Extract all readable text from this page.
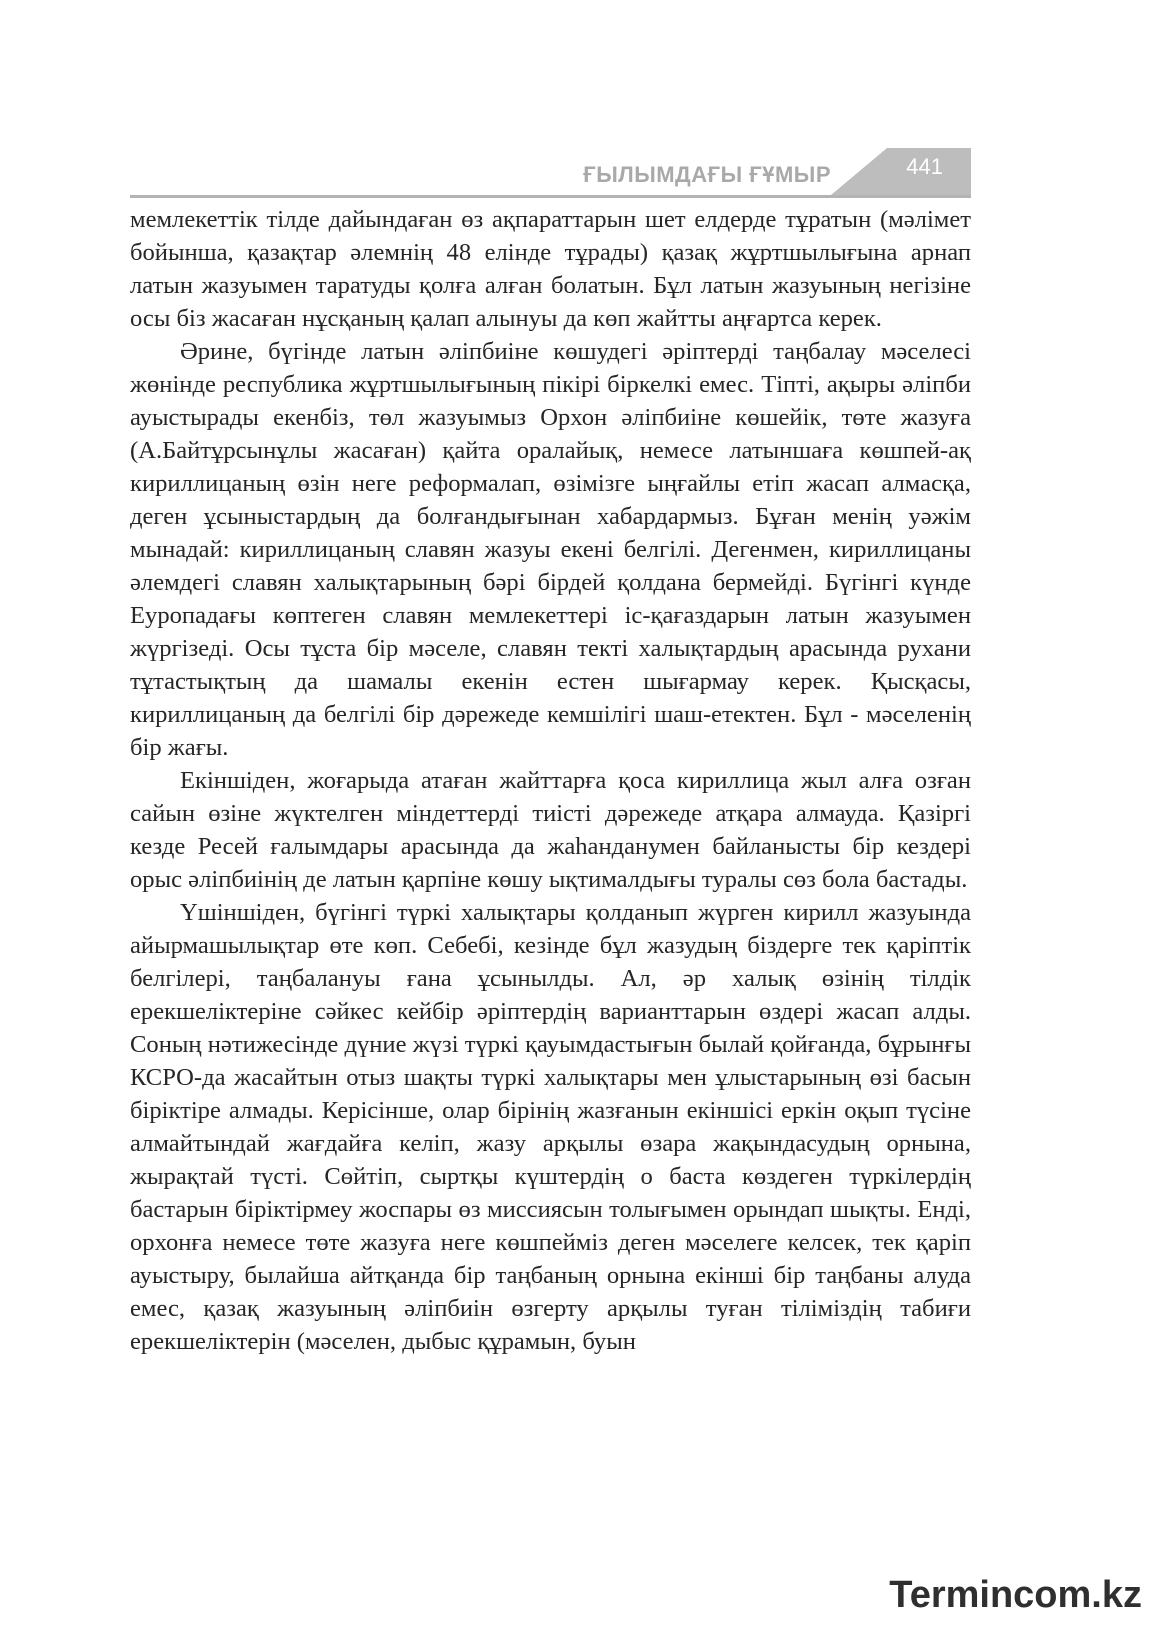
ҒЫЛЫМДАҒЫ ҒҰМЫР	441

мемлекеттік тілде дайындаған өз ақпараттарын шет елдерде тұратын (мәлімет бойынша, қазақтар әлемнің 48 елінде тұрады) қазақ жұртшылығына арнап латын жазуымен таратуды қолға алған болатын. Бұл латын жазуының негізіне осы біз жасаған нұсқаның қалап алынуы да көп жайтты аңғартса керек.

Әрине, бүгінде латын әліпбиіне көшудегі әріптерді таңбалау мәселесі жөнінде республика жұртшылығының пікірі біркелкі емес. Тіпті, ақыры әліпби ауыстырады екенбіз, төл жазуымыз Орхон әліпбиіне көшейік, төте жазуға (А.Байтұрсынұлы жасаған) қайта оралайық, немесе латыншаға көшпей-ақ кириллицаның өзін неге реформалап, өзімізге ыңғайлы етіп жасап алмасқа, деген ұсыныстардың да болғандығынан хабардармыз. Бұған менің уәжім мынадай: кириллицаның славян жазуы екені белгілі. Дегенмен, кириллицаны әлемдегі славян халықтарының бәрі бірдей қолдана бермейді. Бүгінгі күнде Еуропадағы көптеген славян мемлекеттері іс-қағаздарын латын жазуымен жүргізеді. Осы тұста бір мәселе, славян текті халықтардың арасында рухани тұтастықтың да шамалы екенін естен шығармау керек. Қысқасы, кириллицаның да белгілі бір дәрежеде кемшілігі шаш-етектен. Бұл - мәселенің бір жағы.

Екіншіден, жоғарыда атаған жайттарға қоса кириллица жыл алға озған сайын өзіне жүктелген міндеттерді тиісті дәрежеде атқара алмауда. Қазіргі кезде Ресей ғалымдары арасында да жаһанданумен байланысты бір кездері орыс әліпбиінің де латын қарпіне көшу ықтималдығы туралы сөз бола бастады.

Үшіншіден, бүгінгі түркі халықтары қолданып жүрген кирилл жазуында айырмашылықтар өте көп. Себебі, кезінде бұл жазудың біздерге тек қаріптік белгілері, таңбалануы ғана ұсынылды. Ал, әр халық өзінің тілдік ерекшеліктеріне сәйкес кейбір әріптердің варианттарын өздері жасап алды. Соның нәтижесінде дүние жүзі түркі қауымдастығын былай қойғанда, бұрынғы КСРО-да жасайтын отыз шақты түркі халықтары мен ұлыстарының өзі басын біріктіре алмады. Керісінше, олар бірінің жазғанын екіншісі еркін оқып түсіне алмайтындай жағдайға келіп, жазу арқылы өзара жақындасудың орнына, жырақтай түсті. Сөйтіп, сыртқы күштердің о баста көздеген түркілердің бастарын біріктірмеу жоспары өз миссиясын толығымен орындап шықты. Енді, орхонға немесе төте жазуға неге көшпейміз деген мәселеге келсек, тек қаріп ауыстыру, былайша айтқанда бір таңбаның орнына екінші бір таңбаны алуда емес, қазақ жазуының әліпбиін өзгерту арқылы туған тіліміздің табиғи ерекшеліктерін (мәселен, дыбыс құрамын, буын

Termincom.kz
